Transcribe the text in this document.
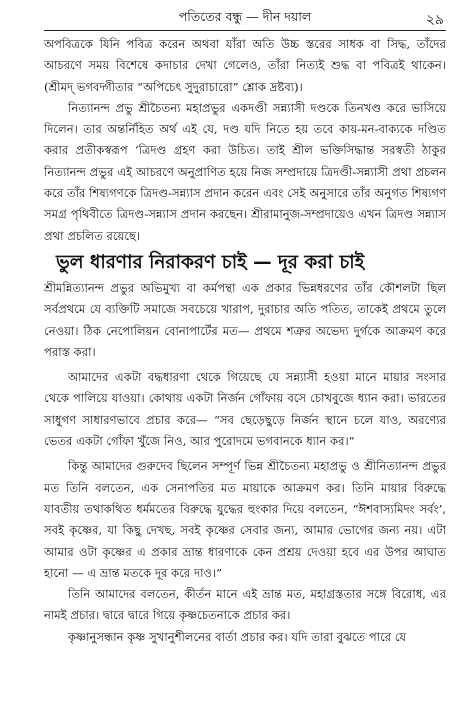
পতিতের বন্ধু — দীন দয়াল	২৯

অপবিত্রকে যিনি পবিত্র করেন অথবা যাঁরা অতি উচ্চ স্তরের সাধক বা সিদ্ধ, তাঁদের আচরণে সময় বিশেষে কদাচার দেখা গেলেও, তাঁরা নিত্যই শুদ্ধ বা পবিত্রই থাকেন। (শ্রীমদ্ ভগবদ্গীতার “অপিচেৎ সুদুরাচারো” শ্লোক দ্রষ্টব্য)।

নিত্যানন্দ প্রভু শ্রীচৈতন্য মহাপ্রভুর একদণ্ডী সন্ন্যাসী দণ্ডকে তিনখণ্ড করে ভাসিয়ে দিলেন। তার অন্তর্নিহিত অর্থ এই যে, দণ্ড যদি নিতে হয় তবে কায়-মন-বাক্যকে দণ্ডিত করার প্রতীকস্বরূপ ‘ত্রিদণ্ড গ্রহণ করা উচিত। তাই শ্রীল ভক্তিসিদ্ধান্ত সরস্বতী ঠাকুর নিত্যানন্দ প্রভুর এই আচরণে অনুপ্রাণিত হয়ে নিজ সম্প্রদায়ে ত্রিদণ্ডী-সন্ন্যাসী প্রথা প্রচলন করে তাঁর শিষ্যগণকে ত্রিদণ্ড-সন্ন্যাস প্রদান করেন এবং সেই অনুসারে তাঁর অনুগত শিষ্যগণ সমগ্র পৃথিবীতে ত্রিদণ্ড-সন্ন্যাস প্রদান করছেন। শ্রীরামানুজ-সম্প্রদায়েও এখন ত্রিদণ্ড সন্ন্যাস প্রথা প্রচলিত রয়েছে।

ভুল ধারণার নিরাকরণ চাই — দূর করা চাই

শ্রীমন্নিত্যানন্দ প্রভুর অভিমুখ্য বা কর্মপন্থা এক প্রকার ভিন্নধরণের তাঁর কৌশলটা ছিল সর্বপ্রথমে যে ব্যক্তিটি সমাজে সবচেয়ে খারাপ, দুরাচার অতি পতিত, তাকেই প্রথমে তুলে নেওয়া। ঠিক নেপোলিয়ন বোনাপার্টের মত— প্রথমে শত্রুর অভেদ্য দুর্গকে আক্রমণ করে পরাস্ত করা।

আমাদের একটা বদ্ধধারণা থেকে গিয়েছে যে সন্ন্যাসী হওয়া মানে মায়ার সংসার থেকে পালিয়ে যাওয়া। কোথায় একটা নির্জন গোঁফায় বসে চোখবুজে ধ্যান করা। ভারতের সাধুগণ সাধারণভাবে প্রচার করে— “সব ছেড়েছুড়ে নির্জন স্থানে চলে যাও, অরণ্যের ভেতর একটা গোঁফা খুঁজে নিও, আর পুরোদমে ভগবানকে ধ্যান কর।”

কিন্তু আমাদের গুরুদেব ছিলেন সম্পূর্ণ ভিন্ন শ্রীচৈতন্য মহাপ্রভু ও শ্রীনিত্যানন্দ প্রভুর মত তিনি বলতেন, এক সেনাপতির মত মায়াকে আক্রমণ কর। তিনি মায়ার বিরুদ্ধে যাবতীয় তথাকথিত ধর্মমতের বিরুদ্ধে যুদ্ধের হুংকার দিয়ে বলতেন, “ঈশবাস্যমিদং সর্বং’, সবই কৃষ্ণের, যা কিছু দেখছ, সবই কৃষ্ণের সেবার জন্য, আমার ভোগের জন্য নয়। এটা আমার ওটা কৃষ্ণের এ প্রকার ভ্রান্ত ধারণাকে কেন প্রশ্রয় দেওয়া হবে এর উপর আঘাত হানো — এ ভ্রান্ত মতকে দূর করে দাও।”

তিনি আমাদের বলতেন, কীর্তন মানে এই ভ্রান্ত মত, মহাগ্রস্ততার সঙ্গে বিরোধ, এর নামই প্রচার। দ্বারে দ্বারে গিয়ে কৃষ্ণচেতনাকে প্রচার কর।

কৃষ্ণানুসন্ধান কৃষ্ণ সুখানুশীলনের বার্তা প্রচার কর। যদি তারা বুঝতে পারে যে
